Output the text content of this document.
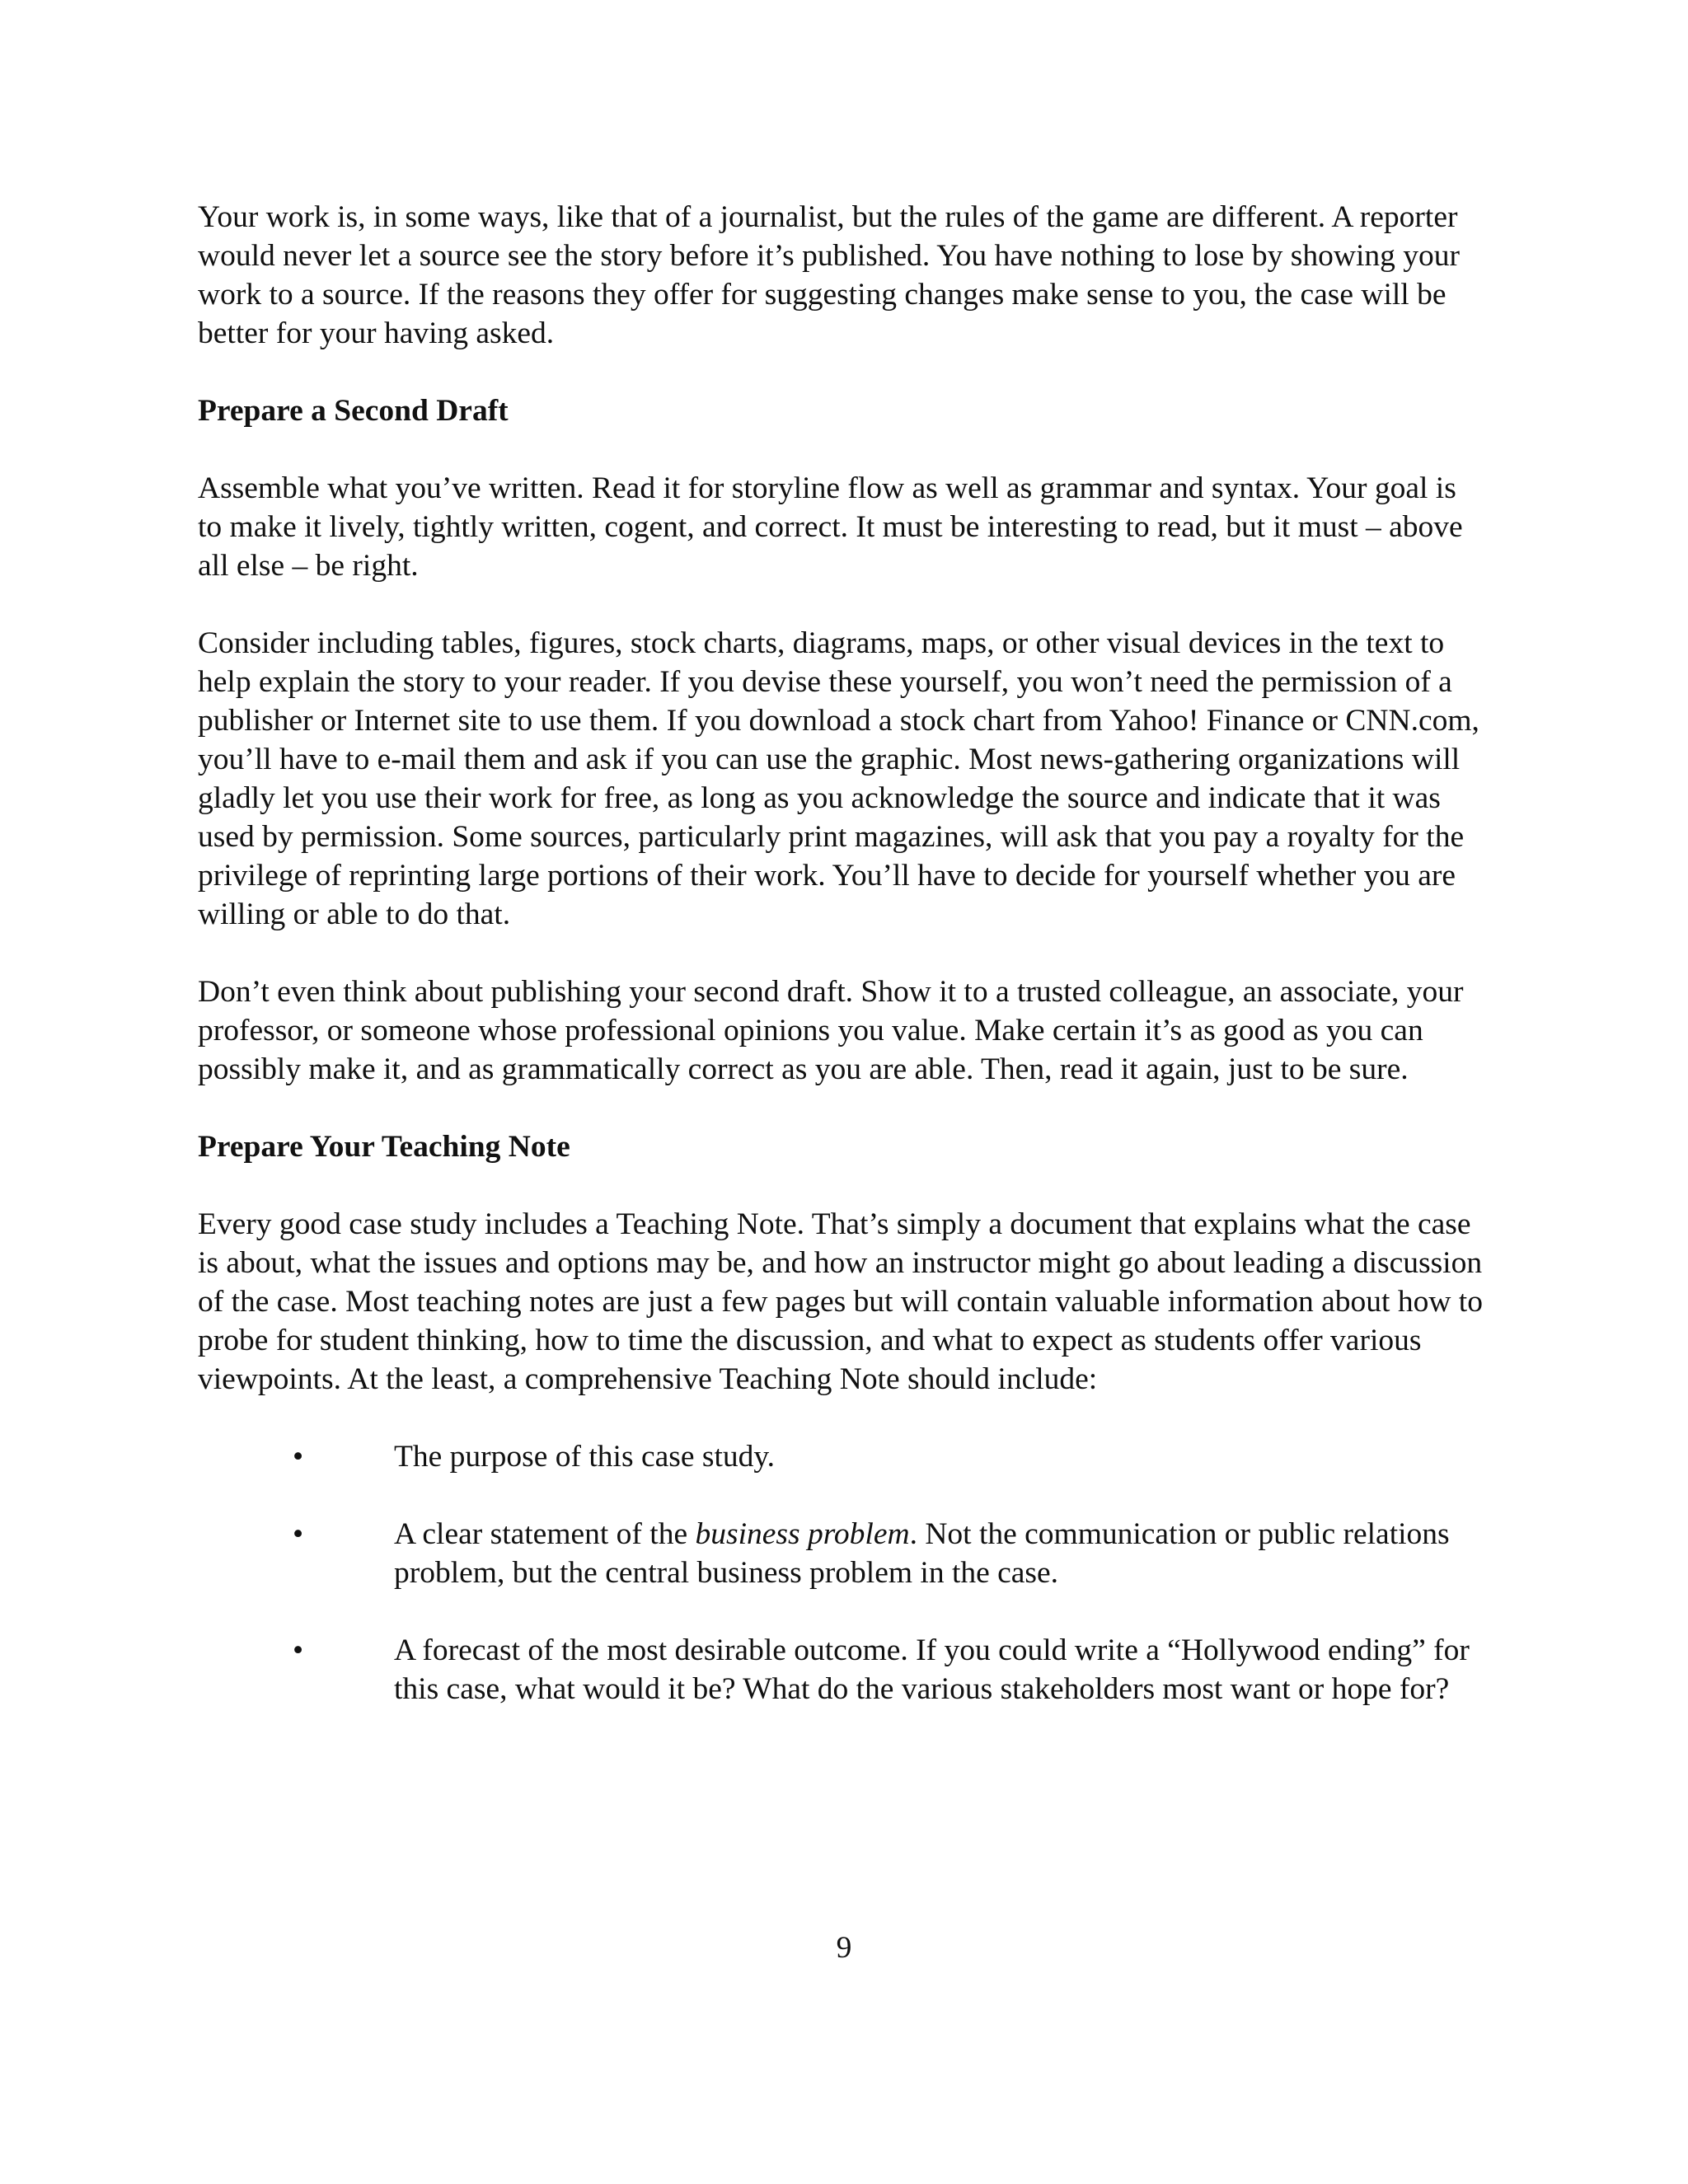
Your work is, in some ways, like that of a journalist, but the rules of the game are different. A reporter would never let a source see the story before it’s published. You have nothing to lose by showing your work to a source. If the reasons they offer for suggesting changes make sense to you, the case will be better for your having asked.

Prepare a Second Draft

Assemble what you’ve written. Read it for storyline flow as well as grammar and syntax. Your goal is to make it lively, tightly written, cogent, and correct. It must be interesting to read, but it must – above all else – be right.

Consider including tables, figures, stock charts, diagrams, maps, or other visual devices in the text to help explain the story to your reader. If you devise these yourself, you won’t need the permission of a publisher or Internet site to use them. If you download a stock chart from Yahoo! Finance or CNN.com, you’ll have to e-mail them and ask if you can use the graphic. Most news-gathering organizations will gladly let you use their work for free, as long as you acknowledge the source and indicate that it was used by permission. Some sources, particularly print magazines, will ask that you pay a royalty for the privilege of reprinting large portions of their work. You’ll have to decide for yourself whether you are willing or able to do that.

Don’t even think about publishing your second draft. Show it to a trusted colleague, an associate, your professor, or someone whose professional opinions you value. Make certain it’s as good as you can possibly make it, and as grammatically correct as you are able. Then, read it again, just to be sure.

Prepare Your Teaching Note

Every good case study includes a Teaching Note. That’s simply a document that explains what the case is about, what the issues and options may be, and how an instructor might go about leading a discussion of the case. Most teaching notes are just a few pages but will contain valuable information about how to probe for student thinking, how to time the discussion, and what to expect as students offer various viewpoints. At the least, a comprehensive Teaching Note should include:

•	The purpose of this case study.
•	A clear statement of the business problem. Not the communication or public relations problem, but the central business problem in the case.
•	A forecast of the most desirable outcome. If you could write a “Hollywood ending” for this case, what would it be? What do the various stakeholders most want or hope for?
9
